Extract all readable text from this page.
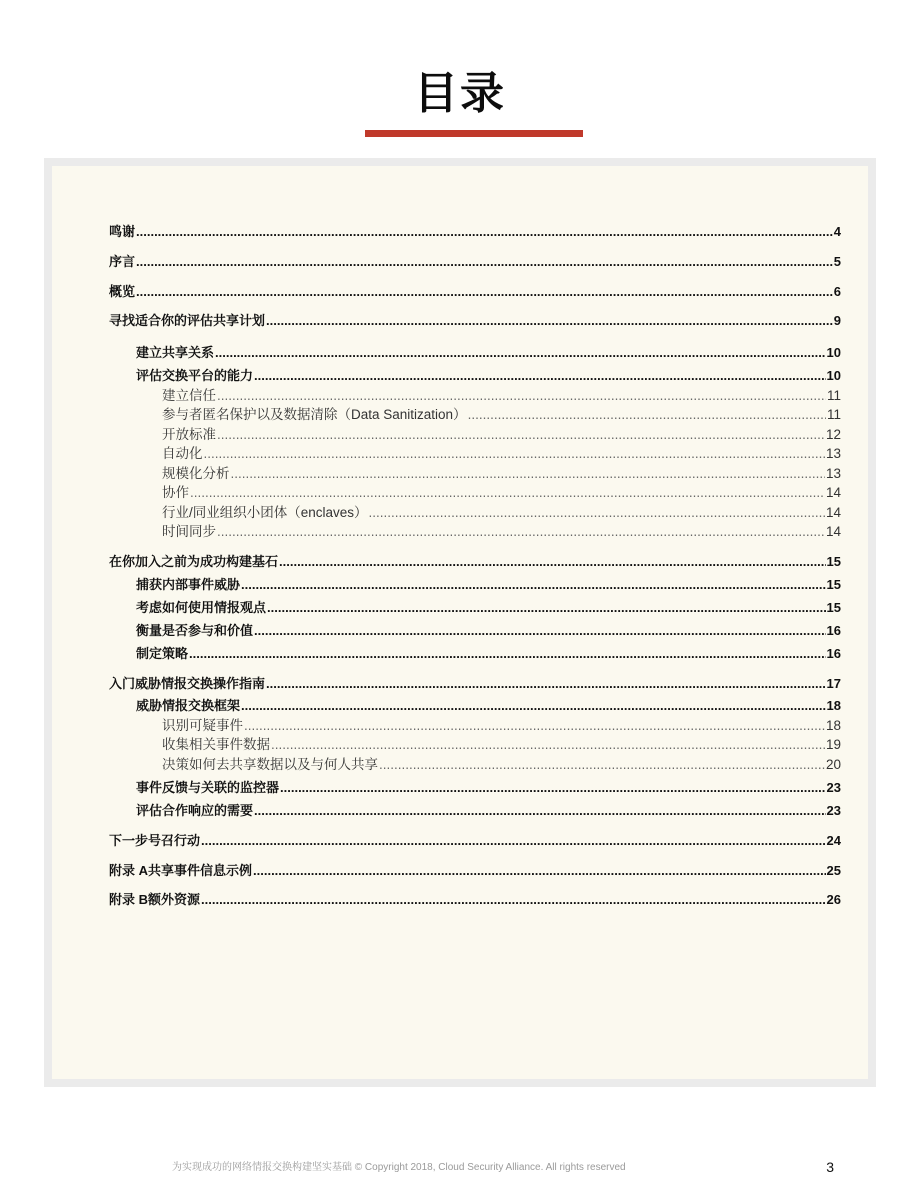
目录
鸣谢 .....	4
序言 .....	5
概览 .....	6
寻找适合你的评估共享计划 .....	9
建立共享关系 .....	10
评估交换平台的能力 .....	10
建立信任 .....	11
参与者匿名保护以及数据清除（Data Sanitization） .....	11
开放标准 .....	12
自动化 .....	13
规模化分析 .....	13
协作 .....	14
行业/同业组织小团体（enclaves） .....	14
时间同步 .....	14
在你加入之前为成功构建基石 .....	15
捕获内部事件威胁 .....	15
考虑如何使用情报观点 .....	15
衡量是否参与和价值 .....	16
制定策略 .....	16
入门威胁情报交换操作指南 .....	17
威胁情报交换框架 .....	18
识别可疑事件 .....	18
收集相关事件数据 .....	19
决策如何去共享数据以及与何人共享 .....	20
事件反馈与关联的监控器 .....	23
评估合作响应的需要 .....	23
下一步号召行动 .....	24
附录 A共享事件信息示例 .....	25
附录 B额外资源 .....	26
为实现成功的网络情报交换构建坚实基础 © Copyright 2018, Cloud Security Alliance. All rights reserved	3
